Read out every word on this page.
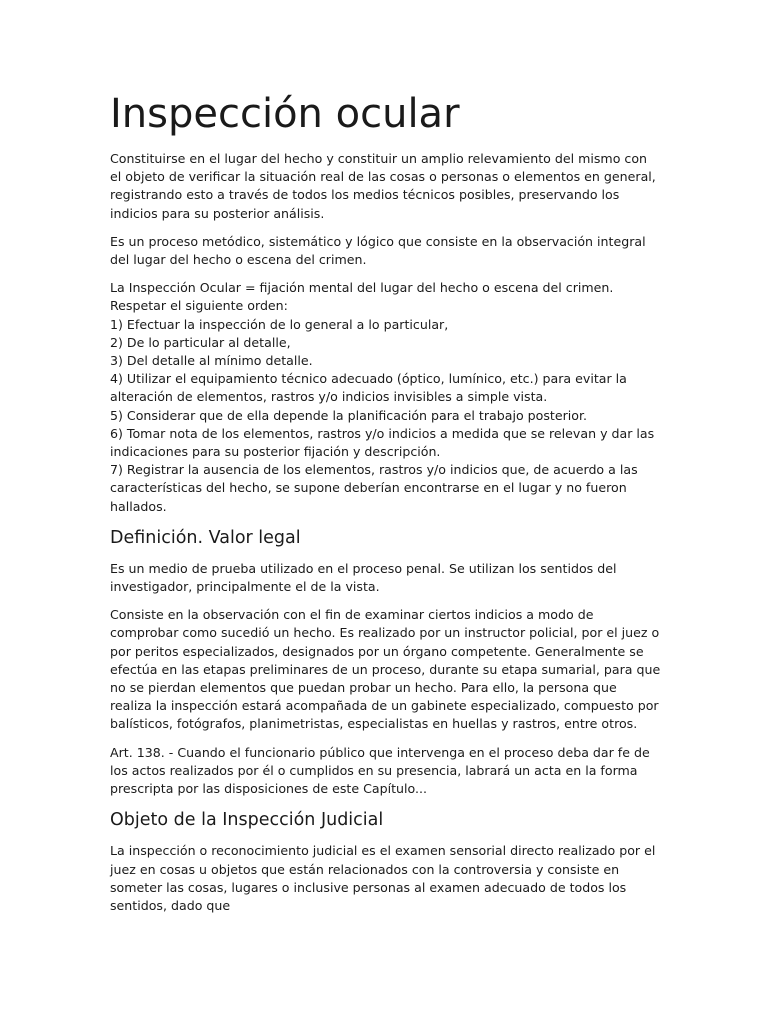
Inspección ocular

Constituirse en el lugar del hecho y constituir un amplio relevamiento del mismo con el objeto de verificar la situación real de las cosas o personas o elementos en general, registrando esto a través de todos los medios técnicos posibles, preservando los indicios para su posterior análisis.

Es un proceso metódico, sistemático y lógico que consiste en la observación integral del lugar del hecho o escena del crimen.

La Inspección Ocular = fijación mental del lugar del hecho o escena del crimen.
Respetar el siguiente orden:
1) Efectuar la inspección de lo general a lo particular,
2) De lo particular al detalle,
3) Del detalle al mínimo detalle.
4) Utilizar el equipamiento técnico adecuado (óptico, lumínico, etc.) para evitar la alteración de elementos, rastros y/o indicios invisibles a simple vista.
5) Considerar que de ella depende la planificación para el trabajo posterior.
6) Tomar nota de los elementos, rastros y/o indicios a medida que se relevan y dar las indicaciones para su posterior fijación y descripción.
7) Registrar la ausencia de los elementos, rastros y/o indicios que, de acuerdo a las características del hecho, se supone deberían encontrarse en el lugar y no fueron hallados.
Definición. Valor legal

Es un medio de prueba utilizado en el proceso penal. Se utilizan los sentidos del investigador, principalmente el de la vista.

Consiste en la observación con el fin de examinar ciertos indicios a modo de comprobar como sucedió un hecho. Es realizado por un instructor policial, por el juez o por peritos especializados, designados por un órgano competente. Generalmente se efectúa en las etapas preliminares de un proceso, durante su etapa sumarial, para que no se pierdan elementos que puedan probar un hecho. Para ello, la persona que realiza la inspección estará acompañada de un gabinete especializado, compuesto por balísticos, fotógrafos, planimetristas, especialistas en huellas y rastros, entre otros.

Art. 138. - Cuando el funcionario público que intervenga en el proceso deba dar fe de los actos realizados por él o cumplidos en su presencia, labrará un acta en la forma prescripta por las disposiciones de este Capítulo...

Objeto de la Inspección Judicial

La inspección o reconocimiento judicial es el examen sensorial directo realizado por el juez en cosas u objetos que están relacionados con la controversia y consiste en someter las cosas, lugares o inclusive personas al examen adecuado de todos los sentidos, dado que
